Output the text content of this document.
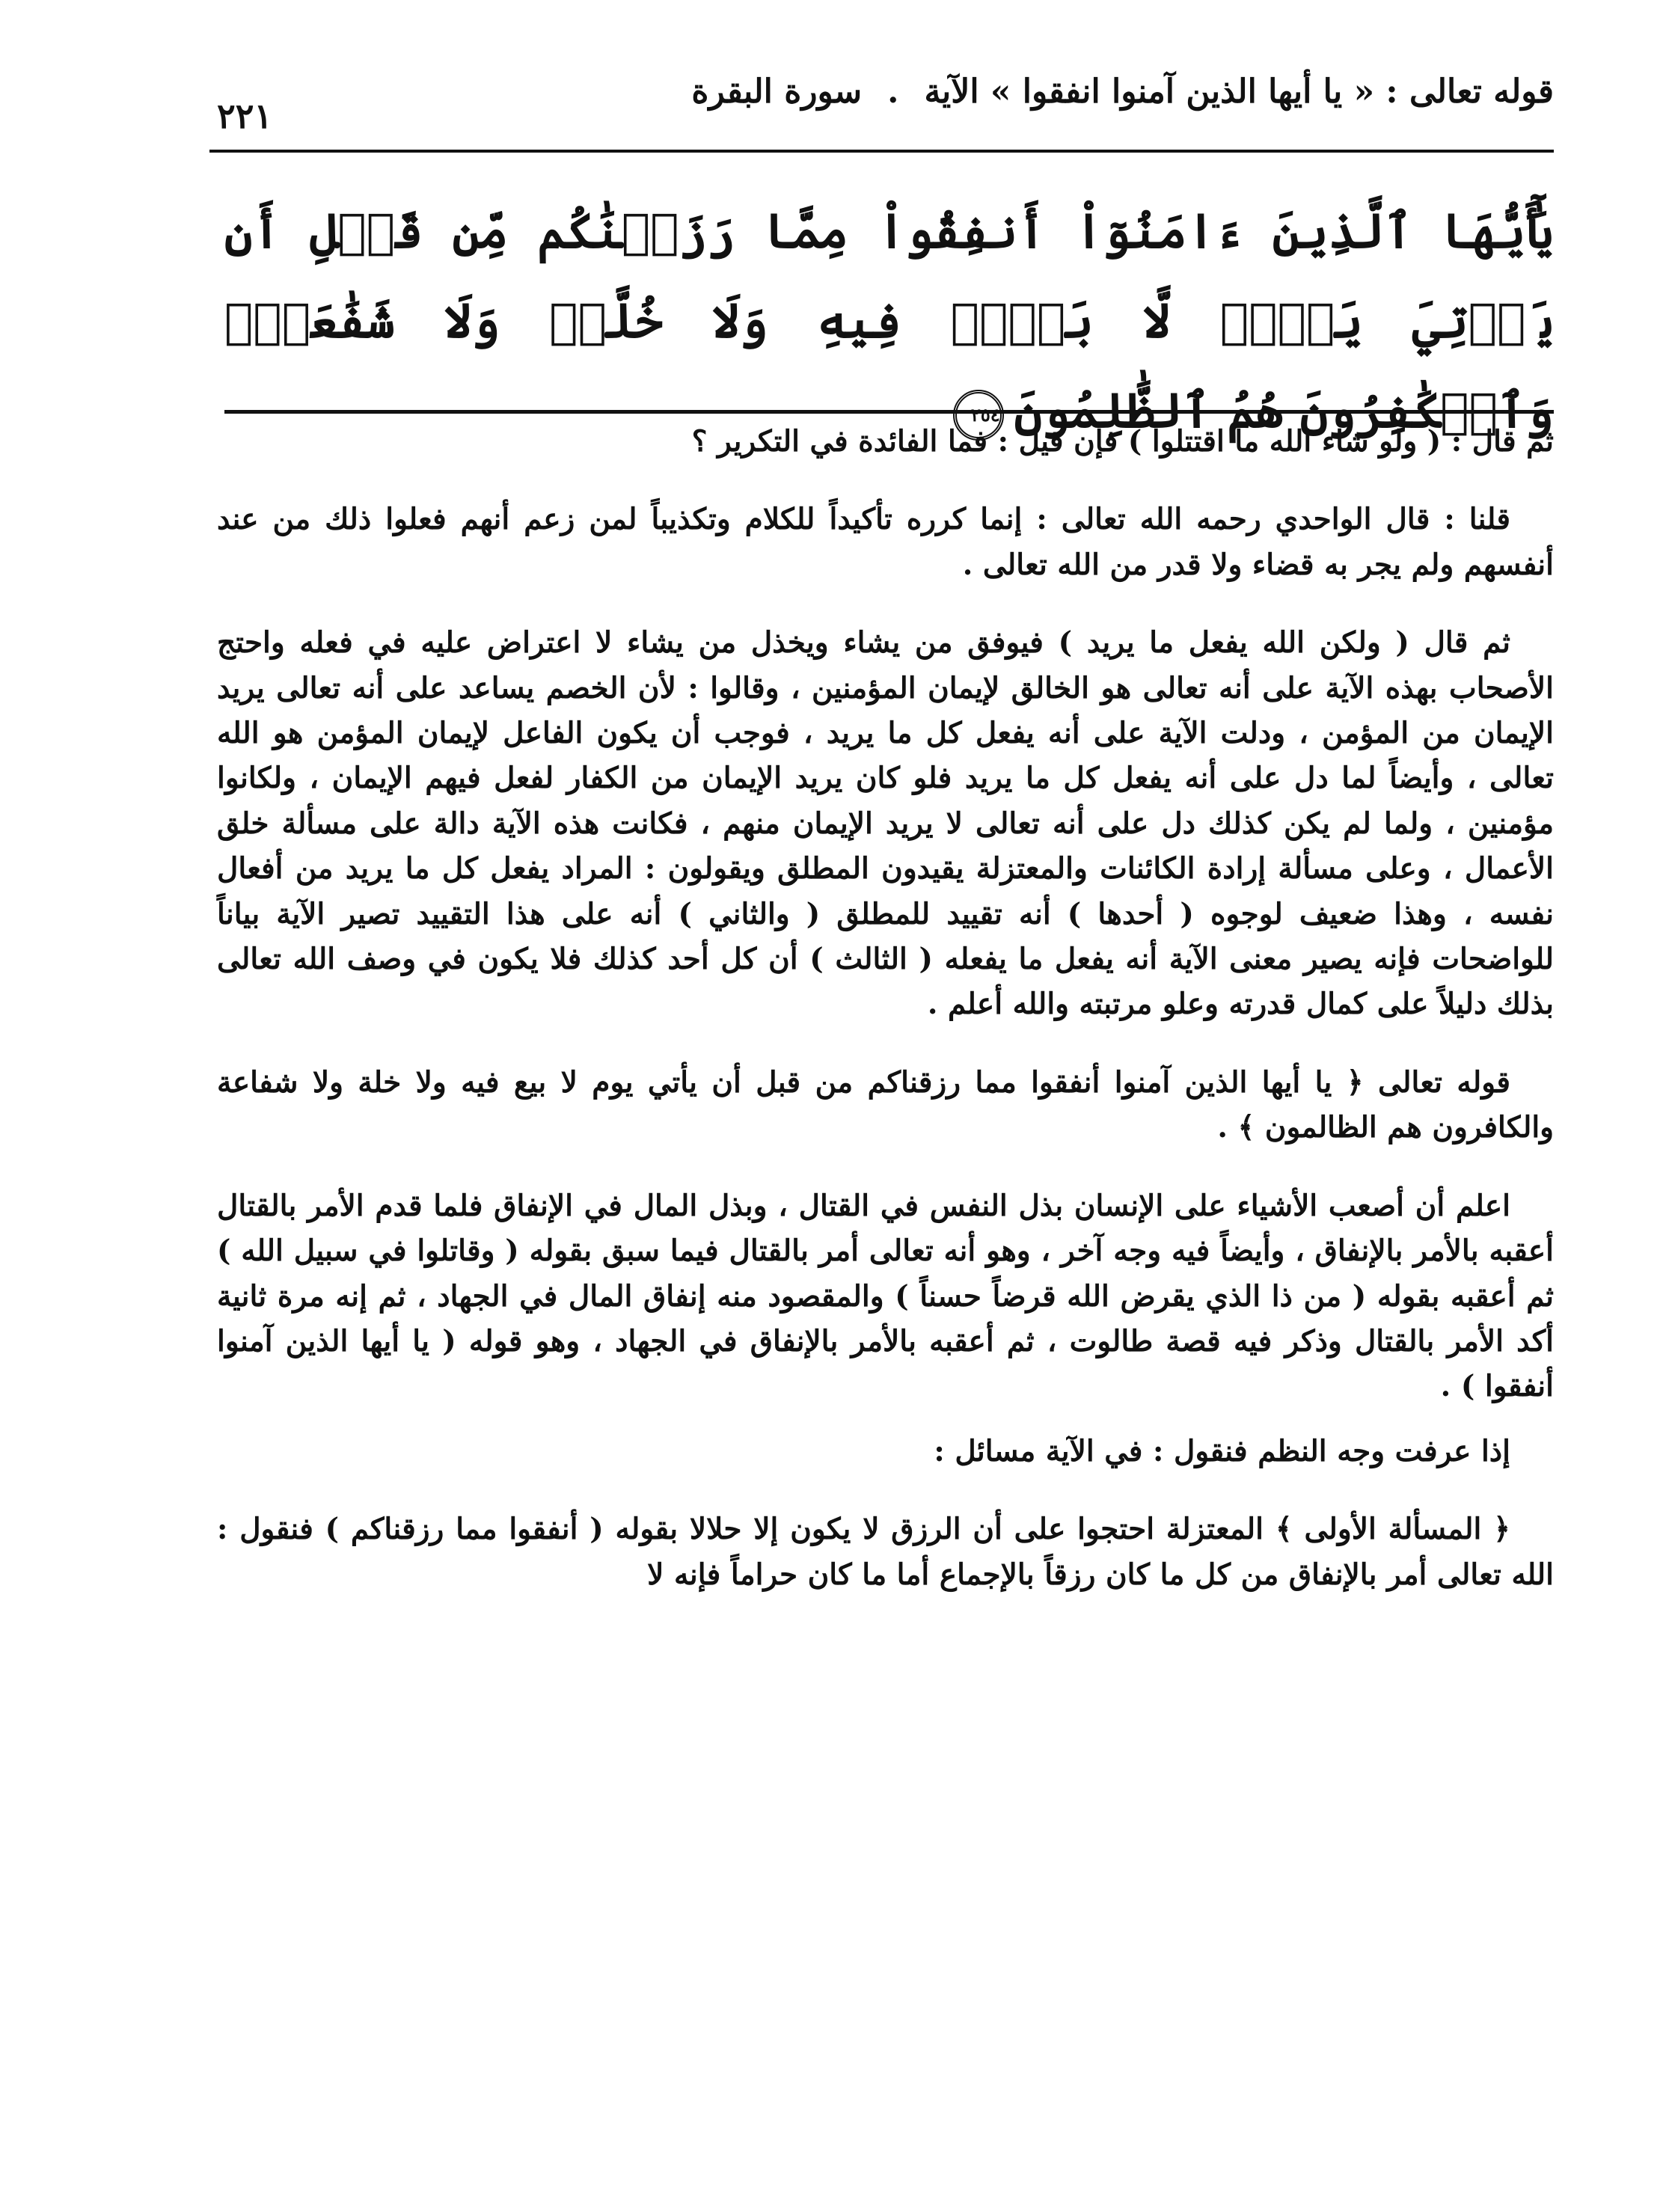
قوله تعالى : « يا أيها الذين آمنوا انفقوا » الآية.سورة البقرة
٢٢١
يَٰٓأَيُّهَا ٱلَّذِينَ ءَامَنُوٓاْ أَنفِقُواْ مِمَّا رَزَقۡنَٰكُم مِّن قَبۡلِ أَن يَأۡتِيَ يَوۡمٞ لَّا بَيۡعٞ فِيهِ وَلَا خُلَّةٞ وَلَا شَفَٰعَةٞۗ وَٱلۡكَٰفِرُونَ هُمُ ٱلظَّٰلِمُونَ
٢٥٤

ثم قال : ( ولو شاء الله ما اقتتلوا ) فإن قيل : فما الفائدة في التكرير ؟

قلنا : قال الواحدي رحمه الله تعالى : إنما كرره تأكيداً للكلام وتكذيباً لمن زعم أنهم فعلوا ذلك من عند أنفسهم ولم يجر به قضاء ولا قدر من الله تعالى .

ثم قال ( ولكن الله يفعل ما يريد ) فيوفق من يشاء ويخذل من يشاء لا اعتراض عليه في فعله واحتج الأصحاب بهذه الآية على أنه تعالى هو الخالق لإيمان المؤمنين ، وقالوا : لأن الخصم يساعد على أنه تعالى يريد الإيمان من المؤمن ، ودلت الآية على أنه يفعل كل ما يريد ، فوجب أن يكون الفاعل لإيمان المؤمن هو الله تعالى ، وأيضاً لما دل على أنه يفعل كل ما يريد فلو كان يريد الإيمان من الكفار لفعل فيهم الإيمان ، ولكانوا مؤمنين ، ولما لم يكن كذلك دل على أنه تعالى لا يريد الإيمان منهم ، فكانت هذه الآية دالة على مسألة خلق الأعمال ، وعلى مسألة إرادة الكائنات والمعتزلة يقيدون المطلق ويقولون : المراد يفعل كل ما يريد من أفعال نفسه ، وهذا ضعيف لوجوه ( أحدها ) أنه تقييد للمطلق ( والثاني ) أنه على هذا التقييد تصير الآية بياناً للواضحات فإنه يصير معنى الآية أنه يفعل ما يفعله ( الثالث ) أن كل أحد كذلك فلا يكون في وصف الله تعالى بذلك دليلاً على كمال قدرته وعلو مرتبته والله أعلم .

قوله تعالى ﴿ يا أيها الذين آمنوا أنفقوا مما رزقناكم من قبل أن يأتي يوم لا بيع فيه ولا خلة ولا شفاعة والكافرون هم الظالمون ﴾ .

اعلم أن أصعب الأشياء على الإنسان بذل النفس في القتال ، وبذل المال في الإنفاق فلما قدم الأمر بالقتال أعقبه بالأمر بالإنفاق ، وأيضاً فيه وجه آخر ، وهو أنه تعالى أمر بالقتال فيما سبق بقوله ( وقاتلوا في سبيل الله ) ثم أعقبه بقوله ( من ذا الذي يقرض الله قرضاً حسناً ) والمقصود منه إنفاق المال في الجهاد ، ثم إنه مرة ثانية أكد الأمر بالقتال وذكر فيه قصة طالوت ، ثم أعقبه بالأمر بالإنفاق في الجهاد ، وهو قوله ( يا أيها الذين آمنوا أنفقوا ) .

إذا عرفت وجه النظم فنقول : في الآية مسائل :

﴿ المسألة الأولى ﴾ المعتزلة احتجوا على أن الرزق لا يكون إلا حلالا بقوله ( أنفقوا مما رزقناكم ) فنقول : الله تعالى أمر بالإنفاق من كل ما كان رزقاً بالإجماع أما ما كان حراماً فإنه لا
